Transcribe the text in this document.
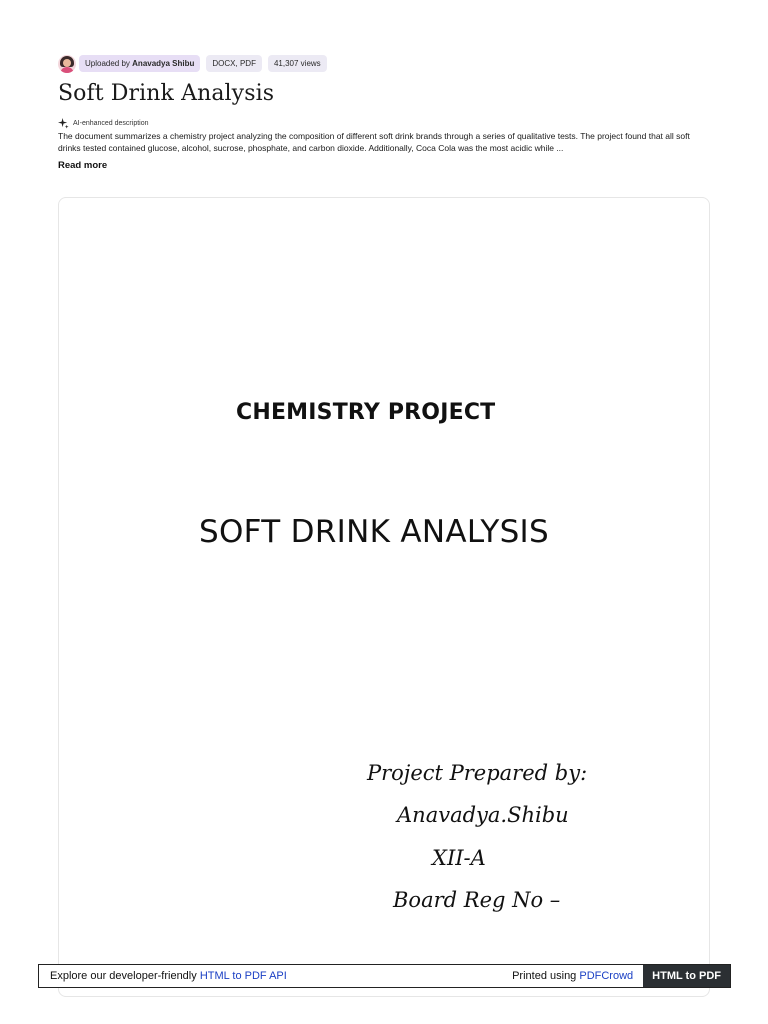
Uploaded by Anavadya Shibu	DOCX, PDF	41,307 views
Soft Drink Analysis
AI-enhanced description

The document summarizes a chemistry project analyzing the composition of different soft drink brands through a series of qualitative tests. The project found that all soft drinks tested contained glucose, alcohol, sucrose, phosphate, and carbon dioxide. Additionally, Coca Cola was the most acidic while ...

Read more
CHEMISTRY PROJECT
SOFT DRINK ANALYSIS
Project Prepared by:
Anavadya.Shibu
XII-A
Board Reg No –
Explore our developer-friendly HTML to PDF API	Printed using PDFCrowd	HTML to PDF
